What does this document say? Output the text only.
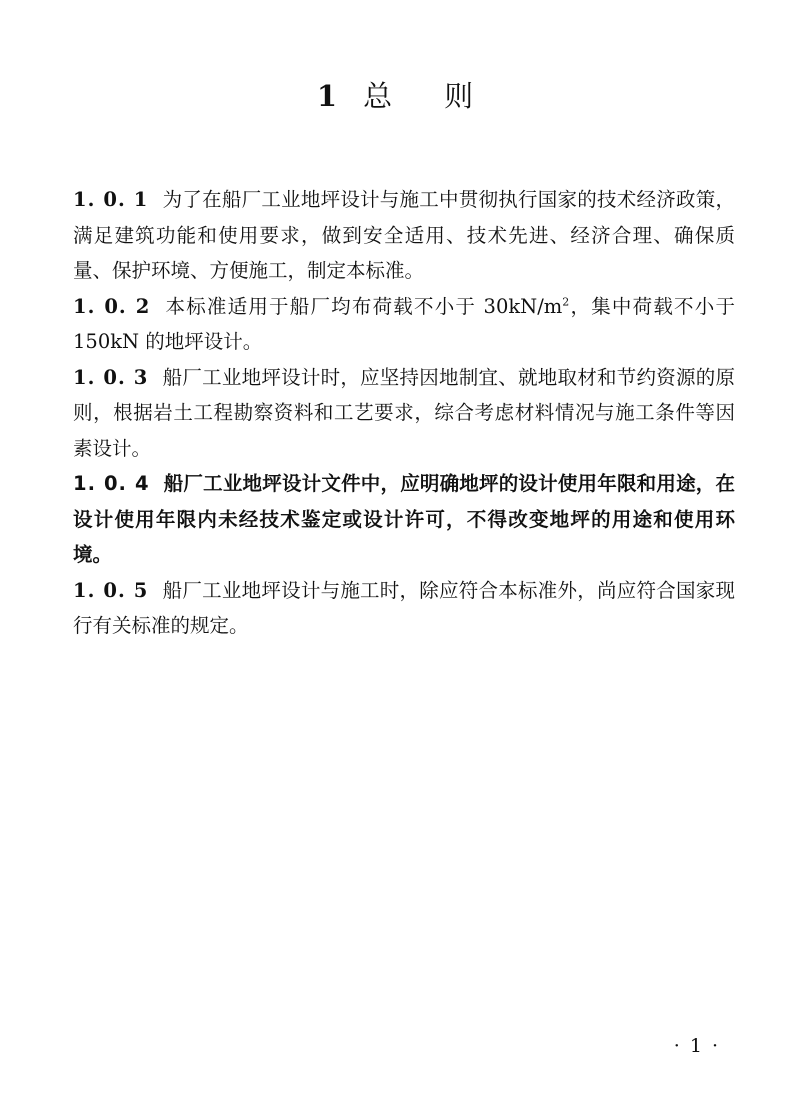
1 总 则

1. 0. 1 为了在船厂工业地坪设计与施工中贯彻执行国家的技术经济政策，满足建筑功能和使用要求，做到安全适用、技术先进、经济合理、确保质量、保护环境、方便施工，制定本标准。

1. 0. 2 本标准适用于船厂均布荷载不小于 $30kN/m^2$，集中荷载不小于 150kN 的地坪设计。

1. 0. 3 船厂工业地坪设计时，应坚持因地制宜、就地取材和节约资源的原则，根据岩土工程勘察资料和工艺要求，综合考虑材料情况与施工条件等因素设计。

1. 0. 4 船厂工业地坪设计文件中，应明确地坪的设计使用年限和用途，在设计使用年限内未经技术鉴定或设计许可，不得改变地坪的用途和使用环境。

1. 0. 5 船厂工业地坪设计与施工时，除应符合本标准外，尚应符合国家现行有关标准的规定。

· 1 ·
